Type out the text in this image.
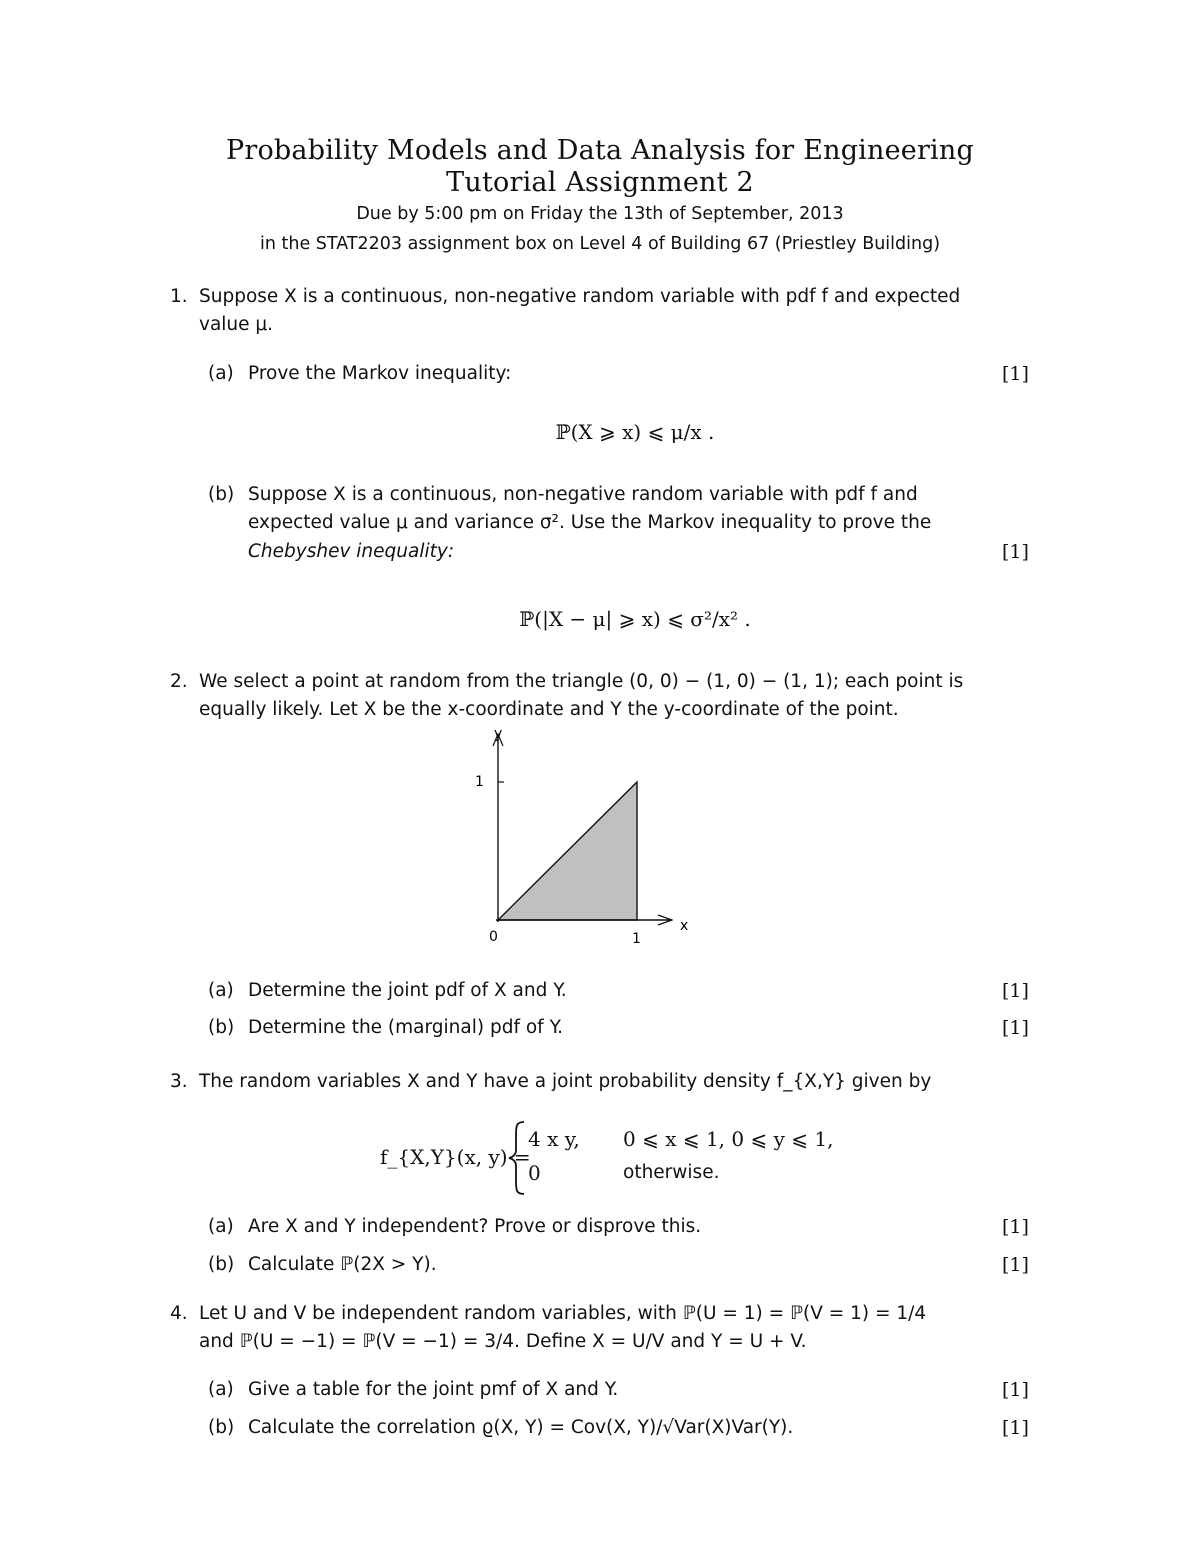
Probability Models and Data Analysis for Engineering
Tutorial Assignment 2
Due by 5:00 pm on Friday the 13th of September, 2013
in the STAT2203 assignment box on Level 4 of Building 67 (Priestley Building)
1. Suppose X is a continuous, non-negative random variable with pdf f and expected
value μ.
(a) Prove the Markov inequality:	[1]
ℙ(X ⩾ x) ⩽ μ/x .
(b) Suppose X is a continuous, non-negative random variable with pdf f and
expected value μ and variance σ². Use the Markov inequality to prove the
Chebyshev inequality:	[1]
ℙ(|X − μ| ⩾ x) ⩽ σ²/x² .
2. We select a point at random from the triangle (0, 0) − (1, 0) − (1, 1); each point is
equally likely. Let X be the x-coordinate and Y the y-coordinate of the point.
y
x
1
1
0
(a) Determine the joint pdf of X and Y.	[1]
(b) Determine the (marginal) pdf of Y.	[1]
3. The random variables X and Y have a joint probability density f_{X,Y} given by
f_{X,Y}(x, y) =
4 x y, 0 ⩽ x ⩽ 1, 0 ⩽ y ⩽ 1,
0	otherwise.
(a) Are X and Y independent? Prove or disprove this.	[1]
(b) Calculate ℙ(2X > Y).	[1]
4. Let U and V be independent random variables, with ℙ(U = 1) = ℙ(V = 1) = 1/4
and ℙ(U = −1) = ℙ(V = −1) = 3/4. Define X = U/V and Y = U + V.
(a) Give a table for the joint pmf of X and Y.	[1]
(b) Calculate the correlation ϱ(X, Y) = Cov(X, Y)/√Var(X)Var(Y).	[1]
